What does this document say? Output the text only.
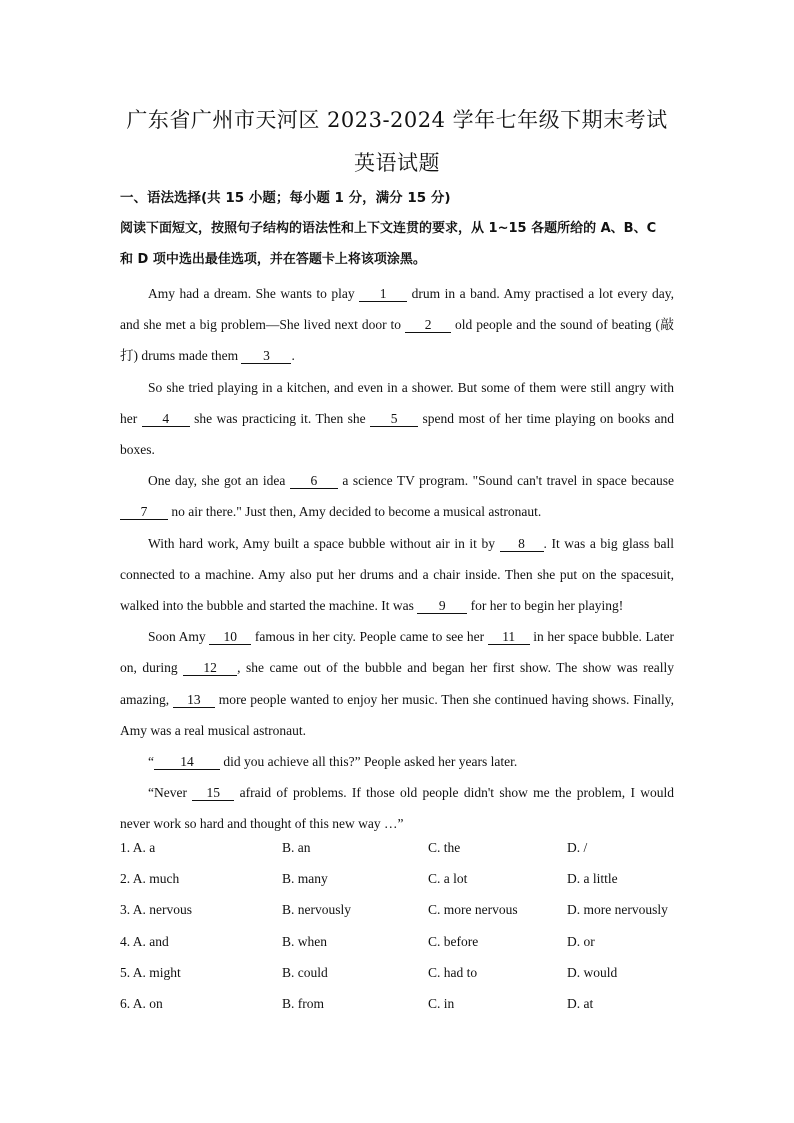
广东省广州市天河区 2023-2024 学年七年级下期末考试
英语试题
一、语法选择(共 15 小题；每小题 1 分，满分 15 分)
阅读下面短文，按照句子结构的语法性和上下文连贯的要求，从 1~15 各题所给的 A、B、C
和 D 项中选出最佳选项，并在答题卡上将该项涂黑。

Amy had a dream. She wants to play 1 drum in a band. Amy practised a lot every day, and she met a big problem—She lived next door to 2 old people and the sound of beating (敲打) drums made them 3 .

So she tried playing in a kitchen, and even in a shower. But some of them were still angry with her 4 she was practicing it. Then she 5 spend most of her time playing on books and boxes.

One day, she got an idea 6 a science TV program. "Sound can't travel in space because 7 no air there." Just then, Amy decided to become a musical astronaut.

With hard work, Amy built a space bubble without air in it by 8 . It was a big glass ball connected to a machine. Amy also put her drums and a chair inside. Then she put on the spacesuit, walked into the bubble and started the machine. It was 9 for her to begin her playing!

Soon Amy 10 famous in her city. People came to see her 11 in her space bubble. Later on, during 12 , she came out of the bubble and began her first show. The show was really amazing, 13 more people wanted to enjoy her music. Then she continued having shows. Finally, Amy was a real musical astronaut.

“ 14 did you achieve all this?” People asked her years later.

“Never 15 afraid of problems. If those old people didn't show me the problem, I would never work so hard and thought of this new way …”

1. A. a	B. an	C. the	D. /
2. A. much	B. many	C. a lot	D. a little
3. A. nervous	B. nervously	C. more nervous	D. more nervously
4. A. and	B. when	C. before	D. or
5. A. might	B. could	C. had to	D. would
6. A. on	B. from	C. in	D. at
